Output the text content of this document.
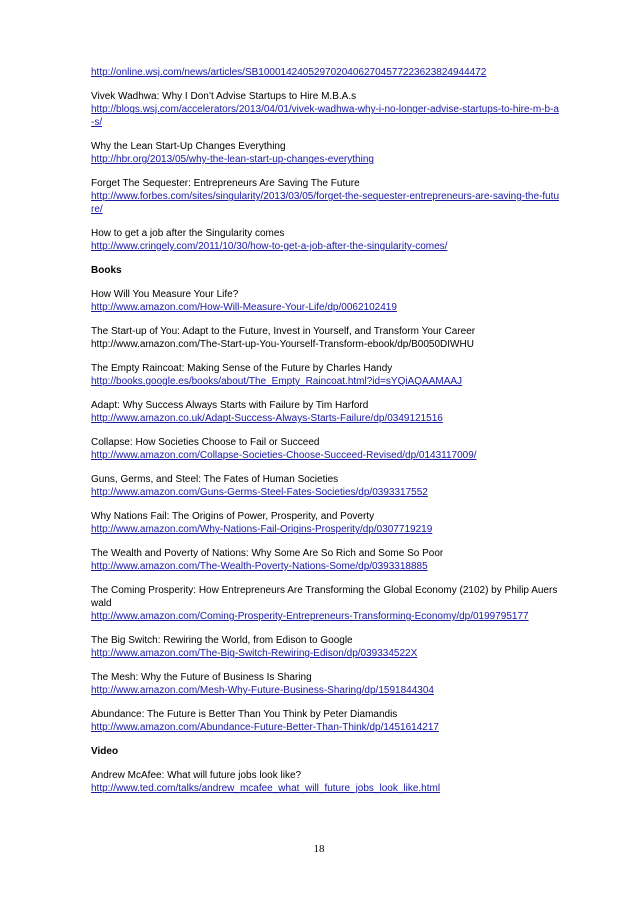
http://online.wsj.com/news/articles/SB10001424052970204062704577223623824944472
Vivek Wadhwa: Why I Don’t Advise Startups to Hire M.B.A.s
http://blogs.wsj.com/accelerators/2013/04/01/vivek-wadhwa-why-i-no-longer-advise-startups-to-hire-m-b-a-s/
Why the Lean Start-Up Changes Everything
http://hbr.org/2013/05/why-the-lean-start-up-changes-everything
Forget The Sequester: Entrepreneurs Are Saving The Future
http://www.forbes.com/sites/singularity/2013/03/05/forget-the-sequester-entrepreneurs-are-saving-the-future/
How to get a job after the Singularity comes
http://www.cringely.com/2011/10/30/how-to-get-a-job-after-the-singularity-comes/
Books
How Will You Measure Your Life?
http://www.amazon.com/How-Will-Measure-Your-Life/dp/0062102419
The Start-up of You: Adapt to the Future, Invest in Yourself, and Transform Your Career
http://www.amazon.com/The-Start-up-You-Yourself-Transform-ebook/dp/B0050DIWHU
The Empty Raincoat: Making Sense of the Future by Charles Handy
http://books.google.es/books/about/The_Empty_Raincoat.html?id=sYQiAQAAMAAJ
Adapt: Why Success Always Starts with Failure by Tim Harford
http://www.amazon.co.uk/Adapt-Success-Always-Starts-Failure/dp/0349121516
Collapse: How Societies Choose to Fail or Succeed
http://www.amazon.com/Collapse-Societies-Choose-Succeed-Revised/dp/0143117009/
Guns, Germs, and Steel: The Fates of Human Societies
http://www.amazon.com/Guns-Germs-Steel-Fates-Societies/dp/0393317552
Why Nations Fail: The Origins of Power, Prosperity, and Poverty
http://www.amazon.com/Why-Nations-Fail-Origins-Prosperity/dp/0307719219
The Wealth and Poverty of Nations: Why Some Are So Rich and Some So Poor
http://www.amazon.com/The-Wealth-Poverty-Nations-Some/dp/0393318885
The Coming Prosperity: How Entrepreneurs Are Transforming the Global Economy (2102) by Philip Auerswald
http://www.amazon.com/Coming-Prosperity-Entrepreneurs-Transforming-Economy/dp/0199795177
The Big Switch: Rewiring the World, from Edison to Google
http://www.amazon.com/The-Big-Switch-Rewiring-Edison/dp/039334522X
The Mesh: Why the Future of Business Is Sharing
http://www.amazon.com/Mesh-Why-Future-Business-Sharing/dp/1591844304
Abundance: The Future is Better Than You Think by Peter Diamandis
http://www.amazon.com/Abundance-Future-Better-Than-Think/dp/1451614217
Video
Andrew McAfee: What will future jobs look like?
http://www.ted.com/talks/andrew_mcafee_what_will_future_jobs_look_like.html
18
